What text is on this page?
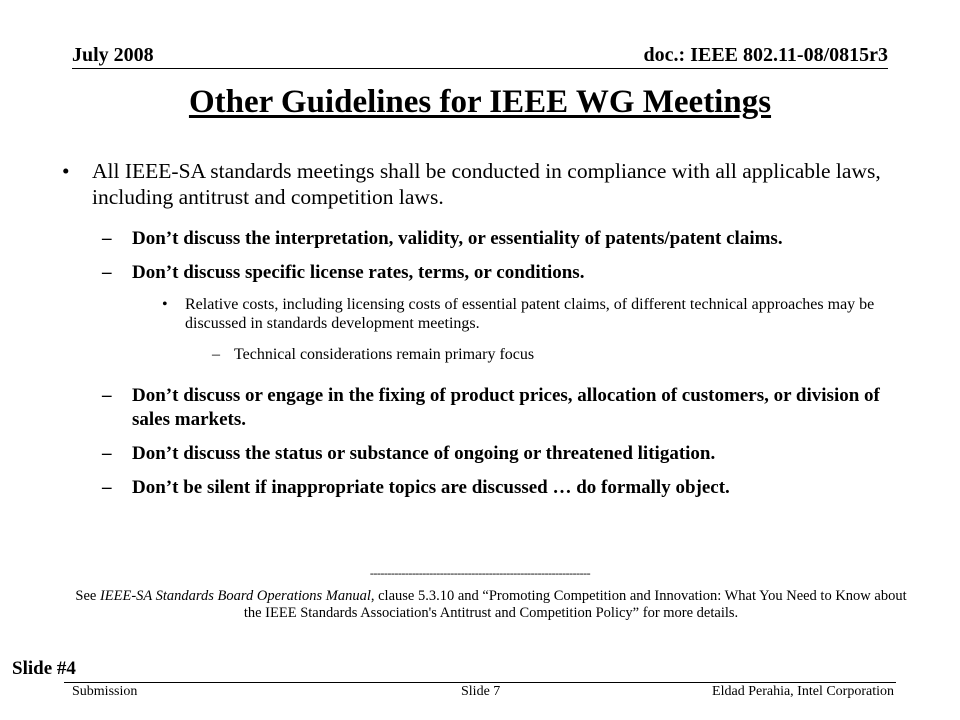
July 2008	doc.: IEEE 802.11-08/0815r3
Other Guidelines for IEEE WG Meetings
• All IEEE-SA standards meetings shall be conducted in compliance with all applicable laws, including antitrust and competition laws.
– Don’t discuss the interpretation, validity, or essentiality of patents/patent claims.
– Don’t discuss specific license rates, terms, or conditions.
• Relative costs, including licensing costs of essential patent claims, of different technical approaches may be discussed in standards development meetings.
– Technical considerations remain primary focus
– Don’t discuss or engage in the fixing of product prices, allocation of customers, or division of sales markets.
– Don’t discuss the status or substance of ongoing or threatened litigation.
– Don’t be silent if inappropriate topics are discussed … do formally object.
---------------------------------------------------------------
See IEEE-SA Standards Board Operations Manual, clause 5.3.10 and “Promoting Competition and Innovation: What You Need to Know about the IEEE Standards Association's Antitrust and Competition Policy” for more details.
Slide #4
Submission	Slide 7	Eldad Perahia, Intel Corporation
